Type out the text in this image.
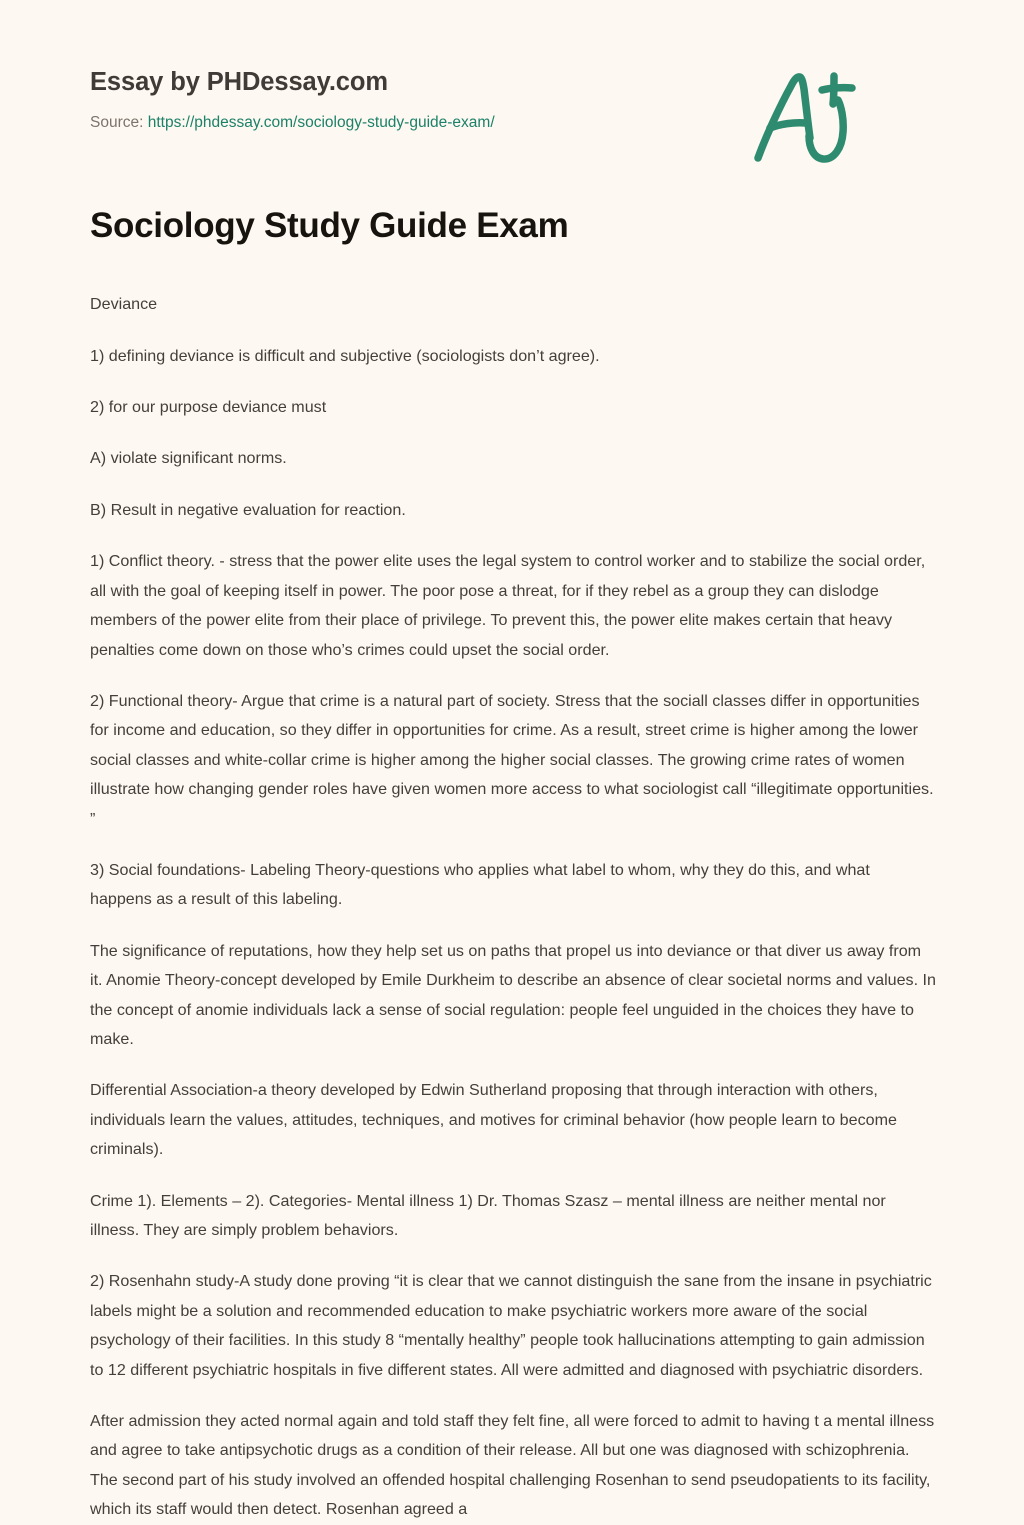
Essay by PHDessay.com
Source: https://phdessay.com/sociology-study-guide-exam/
Sociology Study Guide Exam

Deviance

1) defining deviance is difficult and subjective (sociologists don’t agree).

2) for our purpose deviance must

A) violate significant norms.

B) Result in negative evaluation for reaction.

1) Conflict theory. - stress that the power elite uses the legal system to control worker and to stabilize the social order, all with the goal of keeping itself in power. The poor pose a threat, for if they rebel as a group they can dislodge members of the power elite from their place of privilege. To prevent this, the power elite makes certain that heavy penalties come down on those who’s crimes could upset the social order.

2) Functional theory- Argue that crime is a natural part of society. Stress that the sociall classes differ in opportunities for income and education, so they differ in opportunities for crime. As a result, street crime is higher among the lower social classes and white-collar crime is higher among the higher social classes. The growing crime rates of women illustrate how changing gender roles have given women more access to what sociologist call “illegitimate opportunities. ”

3) Social foundations- Labeling Theory-questions who applies what label to whom, why they do this, and what happens as a result of this labeling.

The significance of reputations, how they help set us on paths that propel us into deviance or that diver us away from it. Anomie Theory-concept developed by Emile Durkheim to describe an absence of clear societal norms and values. In the concept of anomie individuals lack a sense of social regulation: people feel unguided in the choices they have to make.

Differential Association-a theory developed by Edwin Sutherland proposing that through interaction with others, individuals learn the values, attitudes, techniques, and motives for criminal behavior (how people learn to become criminals).

Crime 1). Elements – 2). Categories- Mental illness 1) Dr. Thomas Szasz – mental illness are neither mental nor illness. They are simply problem behaviors.

2) Rosenhahn study-A study done proving “it is clear that we cannot distinguish the sane from the insane in psychiatric labels might be a solution and recommended education to make psychiatric workers more aware of the social psychology of their facilities. In this study 8 “mentally healthy” people took hallucinations attempting to gain admission to 12 different psychiatric hospitals in five different states. All were admitted and diagnosed with psychiatric disorders.

After admission they acted normal again and told staff they felt fine, all were forced to admit to having t a mental illness and agree to take antipsychotic drugs as a condition of their release. All but one was diagnosed with schizophrenia. The second part of his study involved an offended hospital challenging Rosenhan to send pseudopatients to its facility, which its staff would then detect. Rosenhan agreed a
